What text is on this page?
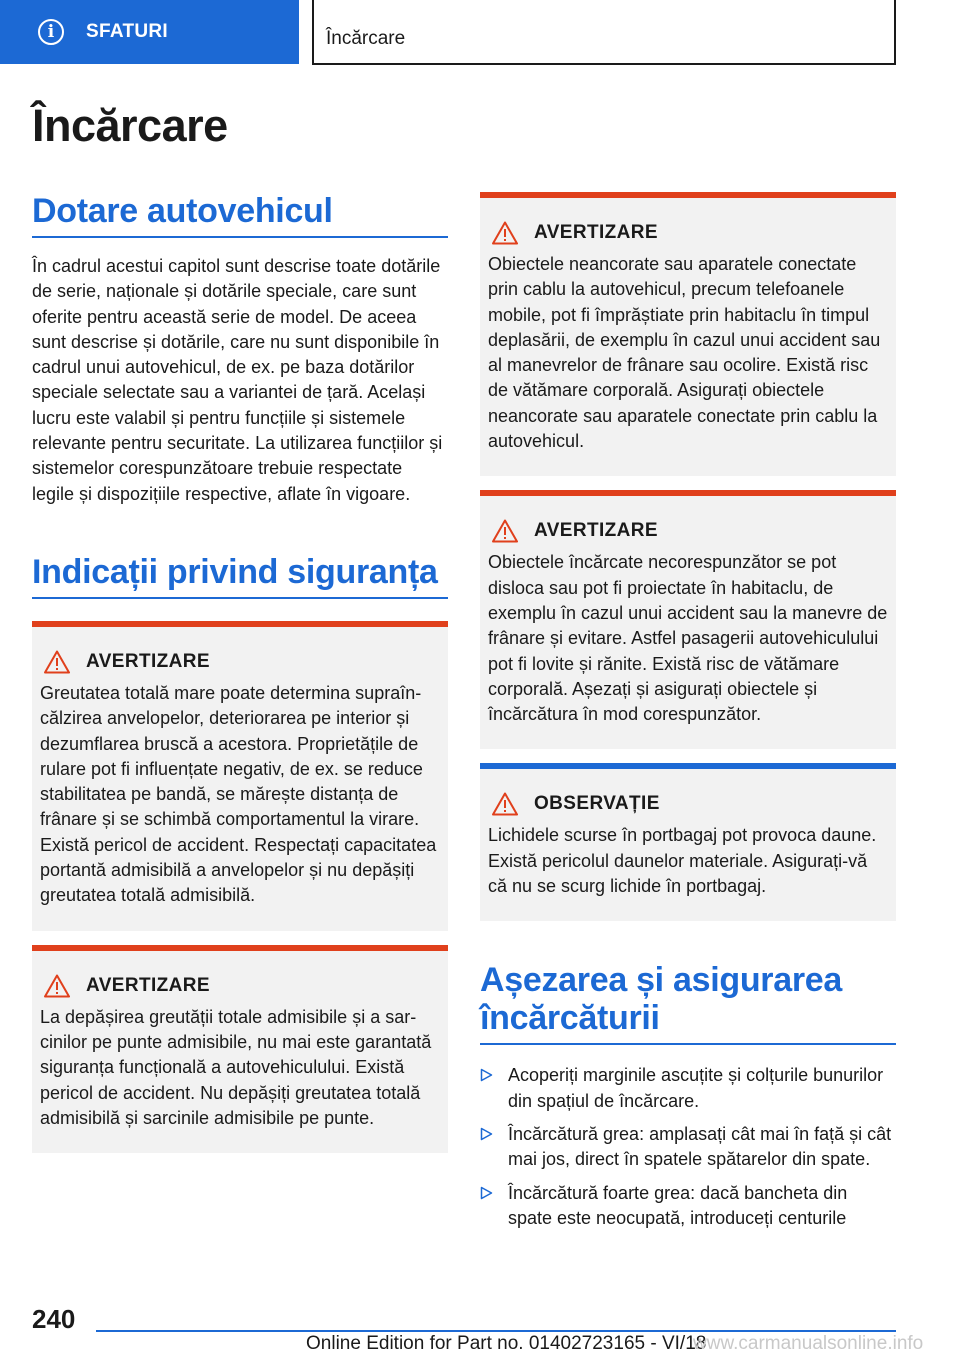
i	SFATURI	Încărcare
Încărcare
Dotare autovehicul

În cadrul acestui capitol sunt descrise toate dotările de serie, naționale și dotările speciale, care sunt oferite pentru această serie de model. De aceea sunt descrise și dotările, care nu sunt disponibile în cadrul unui autovehicul, de ex. pe baza dotărilor speciale selectate sau a variantei de țară. Același lucru este valabil și pentru funcțiile și sistemele relevante pentru securitate. La utilizarea funcțiilor și sistemelor corespunzătoare trebuie respectate legile și dispozițiile respective, aflate în vigoare.

Indicații privind siguranța
AVERTIZARE

Greutatea totală mare poate determina supraîncălzirea anvelopelor, deteriorarea pe interior și dezumflarea bruscă a acestora. Proprietățile de rulare pot fi influențate negativ, de ex. se reduce stabilitatea pe bandă, se mărește distanța de frânare și se schimbă comportamentul la virare. Există pericol de accident. Respectați capacitatea portantă admisibilă a anvelopelor și nu depășiți greutatea totală admisibilă.

AVERTIZARE

La depășirea greutății totale admisibile și a sarcinilor pe punte admisibile, nu mai este garantată siguranța funcțională a autovehiculului. Există pericol de accident. Nu depășiți greutatea totală admisibilă și sarcinile admisibile pe punte.

AVERTIZARE

Obiectele neancorate sau aparatele conectate prin cablu la autovehicul, precum telefoanele mobile, pot fi împrăștiate prin habitaclu în timpul deplasării, de exemplu în cazul unui accident sau al manevrelor de frânare sau ocolire. Există risc de vătămare corporală. Asigurați obiectele neancorate sau aparatele conectate prin cablu la autovehicul.

AVERTIZARE

Obiectele încărcate necorespunzător se pot disloca sau pot fi proiectate în habitaclu, de exemplu în cazul unui accident sau la manevre de frânare și evitare. Astfel pasagerii autovehiculului pot fi lovite și rănite. Există risc de vătămare corporală. Așezați și asigurați obiectele și încărcătura în mod corespunzător.

OBSERVAȚIE

Lichidele scurse în portbagaj pot provoca daune. Există pericolul daunelor materiale. Asigurați-vă că nu se scurg lichide în portbagaj.

Așezarea și asigurarea încărcăturii
Acoperiți marginile ascuțite și colțurile bunurilor din spațiul de încărcare.
Încărcătură grea: amplasați cât mai în față și cât mai jos, direct în spatele spătarelor din spate.
Încărcătură foarte grea: dacă bancheta din spate este neocupată, introduceți centurile
240
Online Edition for Part no. 01402723165 - VI/18
www.carmanualsonline.info
